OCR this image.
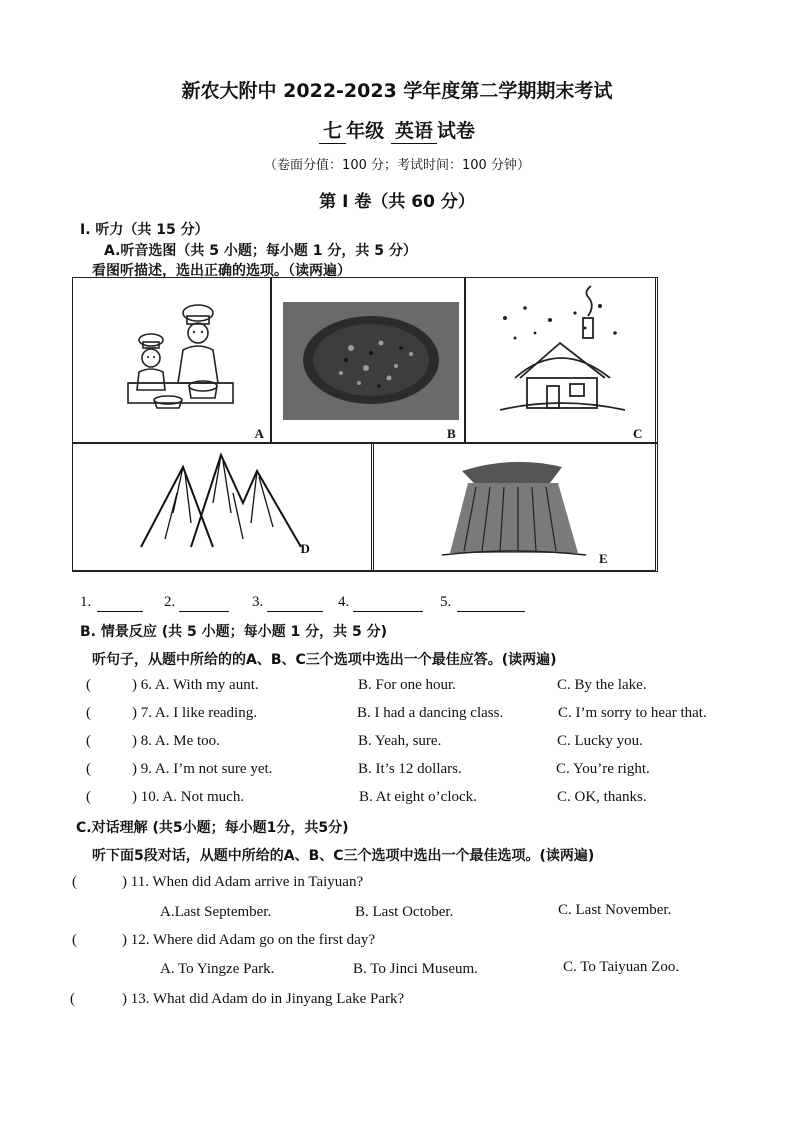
新农大附中 2022-2023 学年度第二学期期末考试
七 年级 英语 试卷
（卷面分值：100 分；考试时间：100 分钟）
第 I 卷（共 60 分）
I. 听力（共 15 分）
A.听音选图（共 5 小题；每小题 1 分，共 5 分）
看图听描述，选出正确的选项。（读两遍）
A	B	C
D
E
1.	2.	3.	4.	5.
B. 情景反应 (共 5 小题；每小题 1 分，共 5 分)
听句子，从题中所给的的A、B、C三个选项中选出一个最佳应答。(读两遍)
(	) 6. A. With my aunt.	B. For one hour.	C. By the lake.
(	) 7. A. I like reading.	B. I had a dancing class.	C. I’m sorry to hear that.
(	) 8. A. Me too.	B. Yeah, sure.	C. Lucky you.
(	) 9. A. I’m not sure yet.	B. It’s 12 dollars.	C. You’re right.
(	) 10. A. Not much.	B. At eight o’clock.	C. OK, thanks.
C.对话理解 (共5小题；每小题1分，共5分)
听下面5段对话，从题中所给的A、B、C三个选项中选出一个最佳选项。(读两遍)
(	) 11. When did Adam arrive in Taiyuan?
A.Last September.	B. Last October.	C. Last November.
(	) 12. Where did Adam go on the first day?
A. To Yingze Park.	B. To Jinci Museum.	C. To Taiyuan Zoo.
(	) 13. What did Adam do in Jinyang Lake Park?
